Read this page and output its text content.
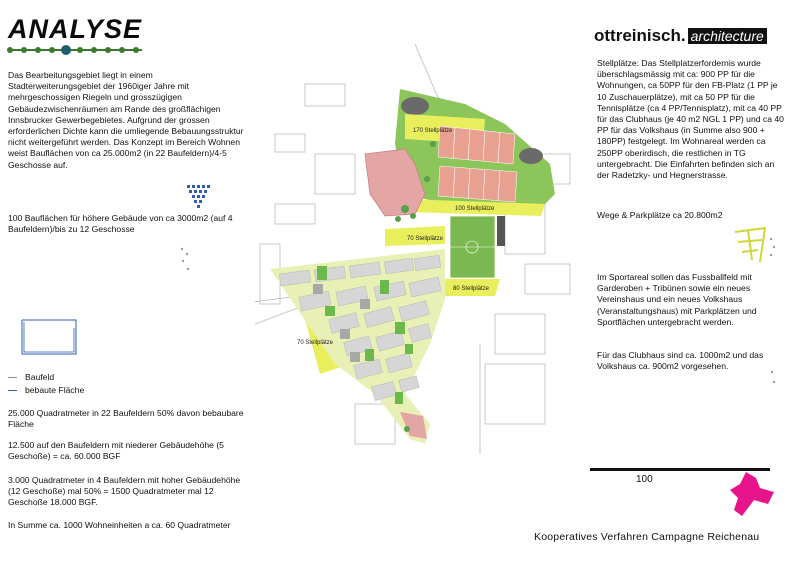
ANALYSE
Das Bearbeitungsgebiet liegt in einem Stadterweiterungsgebiet der 1960iger Jahre mit mehrgeschossigen Riegeln und grosszügigen Gebäudezwischenräumen am Rande des großflächigen Innsbrucker Gewerbegebietes. Aufgrund der grossen erforderlichen Dichte kann die umliegende Bebauungsstruktur nicht weitergeführt werden. Das Konzept im Bereich Wohnen weist Bauflächen von ca 25.000m2 (in 22 Baufeldern)/4-5 Geschosse auf.
100 Bauflächen für höhere Gebäude von ca 3000m2 (auf 4 Baufeldern)/bis zu 12 Geschosse
Baufeld
bebaute Fläche
25.000 Quadratmeter in 22 Baufeldern 50% davon bebaubare Fläche
12.500 auf den Baufeldern mit niederer Gebäudehöhe (5 Geschoße) = ca. 60.000 BGF
3.000 Quadratmeter in 4 Baufeldern mit hoher Gebäudehöhe (12 Geschoße) mal 50% = 1500 Quadratmeter mal 12 Geschoße 18.000 BGF.
In Summe ca. 1000 Wohneinheiten a ca. 60 Quadratmeter
170 Stellplätze
100 Stellplätze
70 Stellplätze
80 Stellplätze
70 Stellplätze
ottreinisch. architecture
Stellplätze: Das Stellplatzerfordernis wurde überschlagsmässig mit ca: 900 PP für die Wohnungen, ca 50PP für den FB-Platz (1 PP je 10 Zuschauerplätze), mit ca 50 PP für die Tennisplätze (ca 4 PP/Tennisplatz), mit ca 40 PP für das Clubhaus (je 40 m2 NGL 1 PP) und ca 40 PP für das Volkshaus (in Summe also 900 + 180PP) festgelegt. Im Wohnareal werden ca 250PP oberirdisch, die restlichen in TG untergebracht. Die Einfahrten befinden sich an der Radetzky- und Hegnerstrasse.
Wege & Parkplätze ca 20.800m2
Im Sportareal sollen das Fussballfeld mit Garderoben + Tribünen sowie ein neues Vereinshaus und ein neues Volkshaus (Veranstaltungshaus) mit Parkplätzen und Sportflächen untergebracht werden.
Für das Clubhaus sind ca. 1000m2 und das Volkshaus ca. 900m2 vorgesehen.
100
Kooperatives Verfahren Campagne Reichenau
